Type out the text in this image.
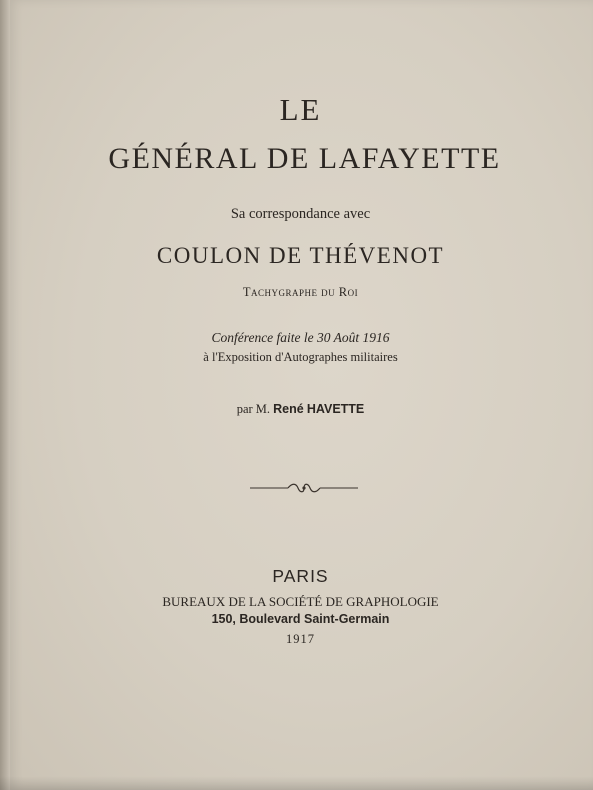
LE
GÉNÉRAL DE LAFAYETTE
Sa correspondance avec
COULON DE THÉVENOT
Tachygraphe du Roi
Conférence faite le 30 Août 1916
à l'Exposition d'Autographes militaires
par M. René HAVETTE
PARIS
BUREAUX DE LA SOCIÉTÉ DE GRAPHOLOGIE
150, Boulevard Saint-Germain
1917
